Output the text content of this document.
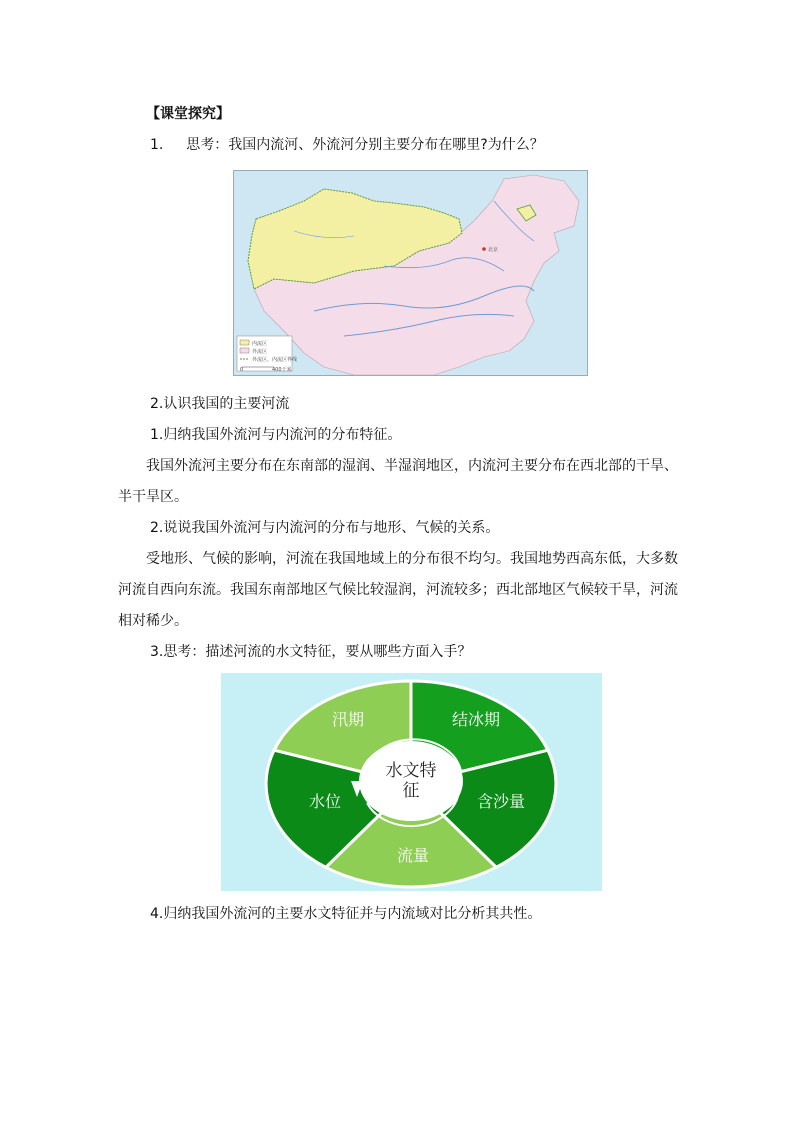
【课堂探究】
1. 思考：我国内流河、外流河分别主要分布在哪里?为什么？
北京
内流区
外流区
外流区、内流区界线
0	400千米
2.认识我国的主要河流
1.归纳我国外流河与内流河的分布特征。
我国外流河主要分布在东南部的湿润、半湿润地区，内流河主要分布在西北部的干旱、
半干旱区。
2.说说我国外流河与内流河的分布与地形、气候的关系。
受地形、气候的影响，河流在我国地域上的分布很不均匀。我国地势西高东低，大多数
河流自西向东流。我国东南部地区气候比较湿润，河流较多；西北部地区气候较干旱，河流
相对稀少。
3.思考：描述河流的水文特征，要从哪些方面入手？
水文特
征
汛期	结冰期
含沙量
流量
水位
4.归纳我国外流河的主要水文特征并与内流域对比分析其共性。
